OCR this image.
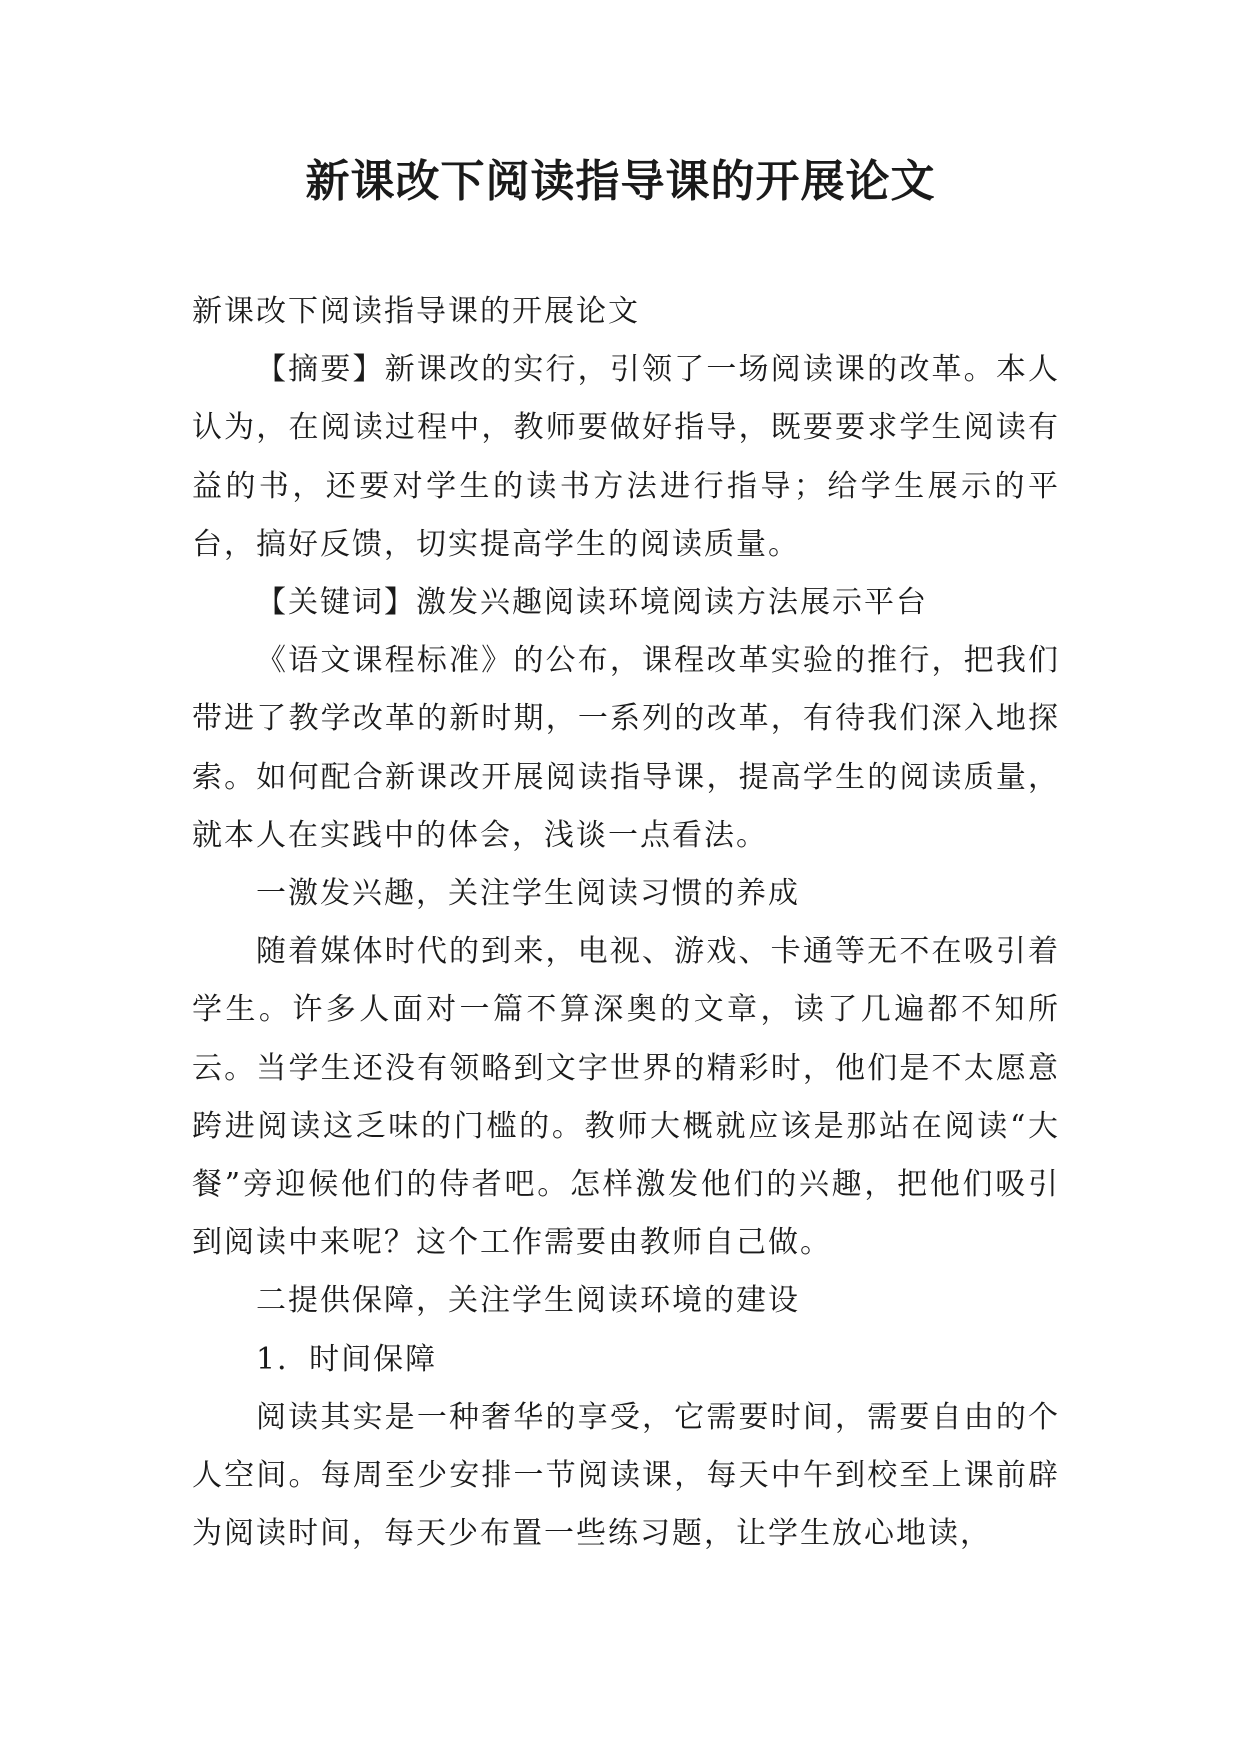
新课改下阅读指导课的开展论文

新课改下阅读指导课的开展论文

【摘要】新课改的实行，引领了一场阅读课的改革。本人认为，在阅读过程中，教师要做好指导，既要要求学生阅读有益的书，还要对学生的读书方法进行指导；给学生展示的平台，搞好反馈，切实提高学生的阅读质量。

【关键词】激发兴趣阅读环境阅读方法展示平台

《语文课程标准》的公布，课程改革实验的推行，把我们带进了教学改革的新时期，一系列的改革，有待我们深入地探索。如何配合新课改开展阅读指导课，提高学生的阅读质量，就本人在实践中的体会，浅谈一点看法。

一激发兴趣，关注学生阅读习惯的养成

随着媒体时代的到来，电视、游戏、卡通等无不在吸引着学生。许多人面对一篇不算深奥的文章，读了几遍都不知所云。当学生还没有领略到文字世界的精彩时，他们是不太愿意跨进阅读这乏味的门槛的。教师大概就应该是那站在阅读“大餐”旁迎候他们的侍者吧。怎样激发他们的兴趣，把他们吸引到阅读中来呢？这个工作需要由教师自己做。

二提供保障，关注学生阅读环境的建设

1．时间保障

阅读其实是一种奢华的享受，它需要时间，需要自由的个人空间。每周至少安排一节阅读课，每天中午到校至上课前辟为阅读时间，每天少布置一些练习题，让学生放心地读，
